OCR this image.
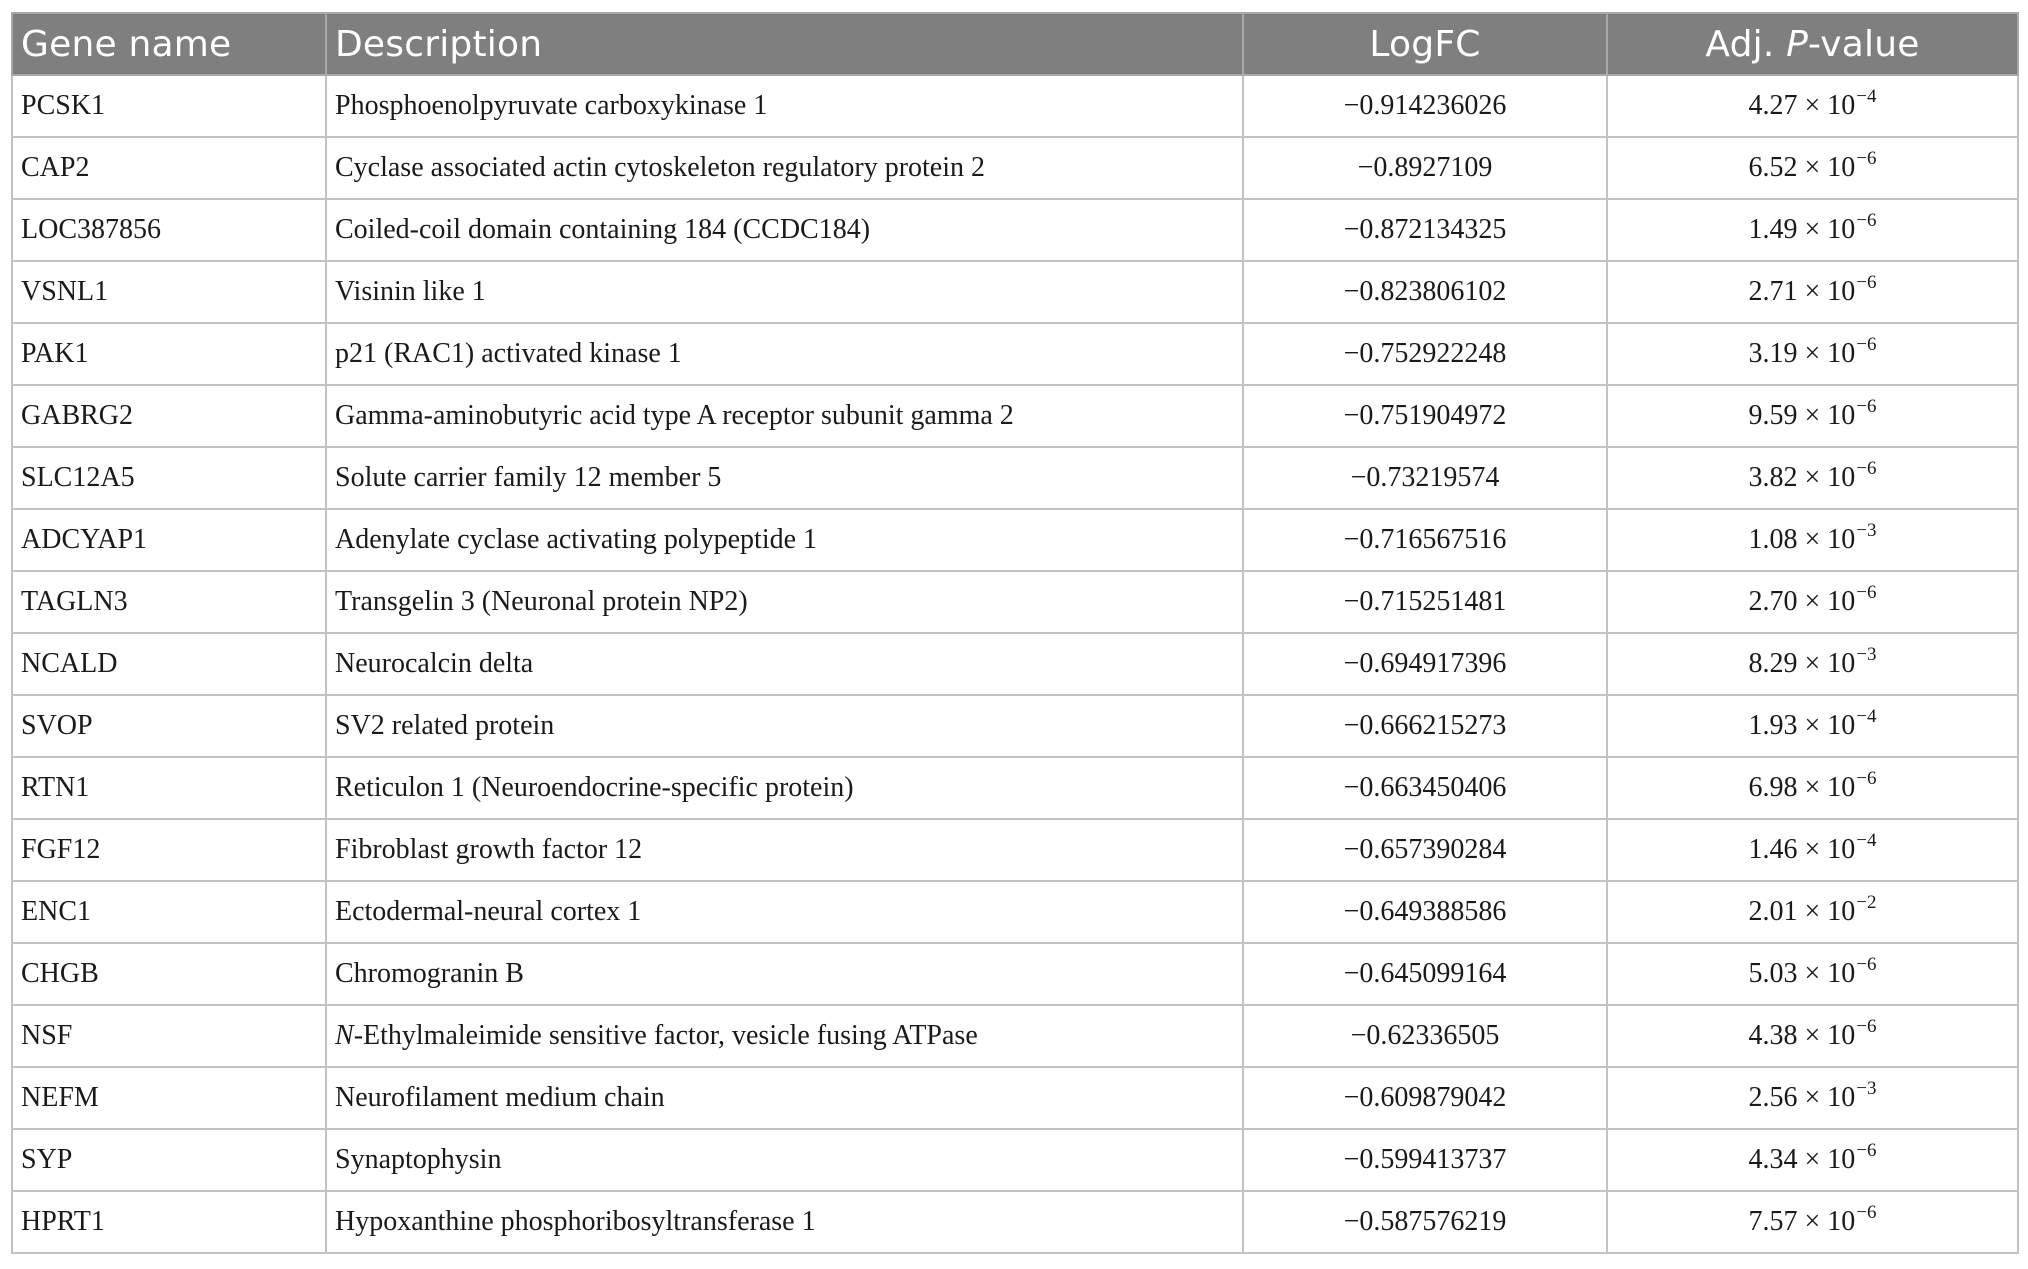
Gene name	Description	LogFC	Adj. P-value
PCSK1	Phosphoenolpyruvate carboxykinase 1	−0.914236026	$4.27 \times 10^{-4}$
CAP2	Cyclase associated actin cytoskeleton regulatory protein 2	−0.8927109	$6.52 \times 10^{-6}$
LOC387856	Coiled-coil domain containing 184 (CCDC184)	−0.872134325	$1.49 \times 10^{-6}$
VSNL1	Visinin like 1	−0.823806102	$2.71 \times 10^{-6}$
PAK1	p21 (RAC1) activated kinase 1	−0.752922248	$3.19 \times 10^{-6}$
GABRG2	Gamma-aminobutyric acid type A receptor subunit gamma 2	−0.751904972	$9.59 \times 10^{-6}$
SLC12A5	Solute carrier family 12 member 5	−0.73219574	$3.82 \times 10^{-6}$
ADCYAP1	Adenylate cyclase activating polypeptide 1	−0.716567516	$1.08 \times 10^{-3}$
TAGLN3	Transgelin 3 (Neuronal protein NP2)	−0.715251481	$2.70 \times 10^{-6}$
NCALD	Neurocalcin delta	−0.694917396	$8.29 \times 10^{-3}$
SVOP	SV2 related protein	−0.666215273	$1.93 \times 10^{-4}$
RTN1	Reticulon 1 (Neuroendocrine-specific protein)	−0.663450406	$6.98 \times 10^{-6}$
FGF12	Fibroblast growth factor 12	−0.657390284	$1.46 \times 10^{-4}$
ENC1	Ectodermal-neural cortex 1	−0.649388586	$2.01 \times 10^{-2}$
CHGB	Chromogranin B	−0.645099164	$5.03 \times 10^{-6}$
NSF	N-Ethylmaleimide sensitive factor, vesicle fusing ATPase	−0.62336505	$4.38 \times 10^{-6}$
NEFM	Neurofilament medium chain	−0.609879042	$2.56 \times 10^{-3}$
SYP	Synaptophysin	−0.599413737	$4.34 \times 10^{-6}$
HPRT1	Hypoxanthine phosphoribosyltransferase 1	−0.587576219	$7.57 \times 10^{-6}$
